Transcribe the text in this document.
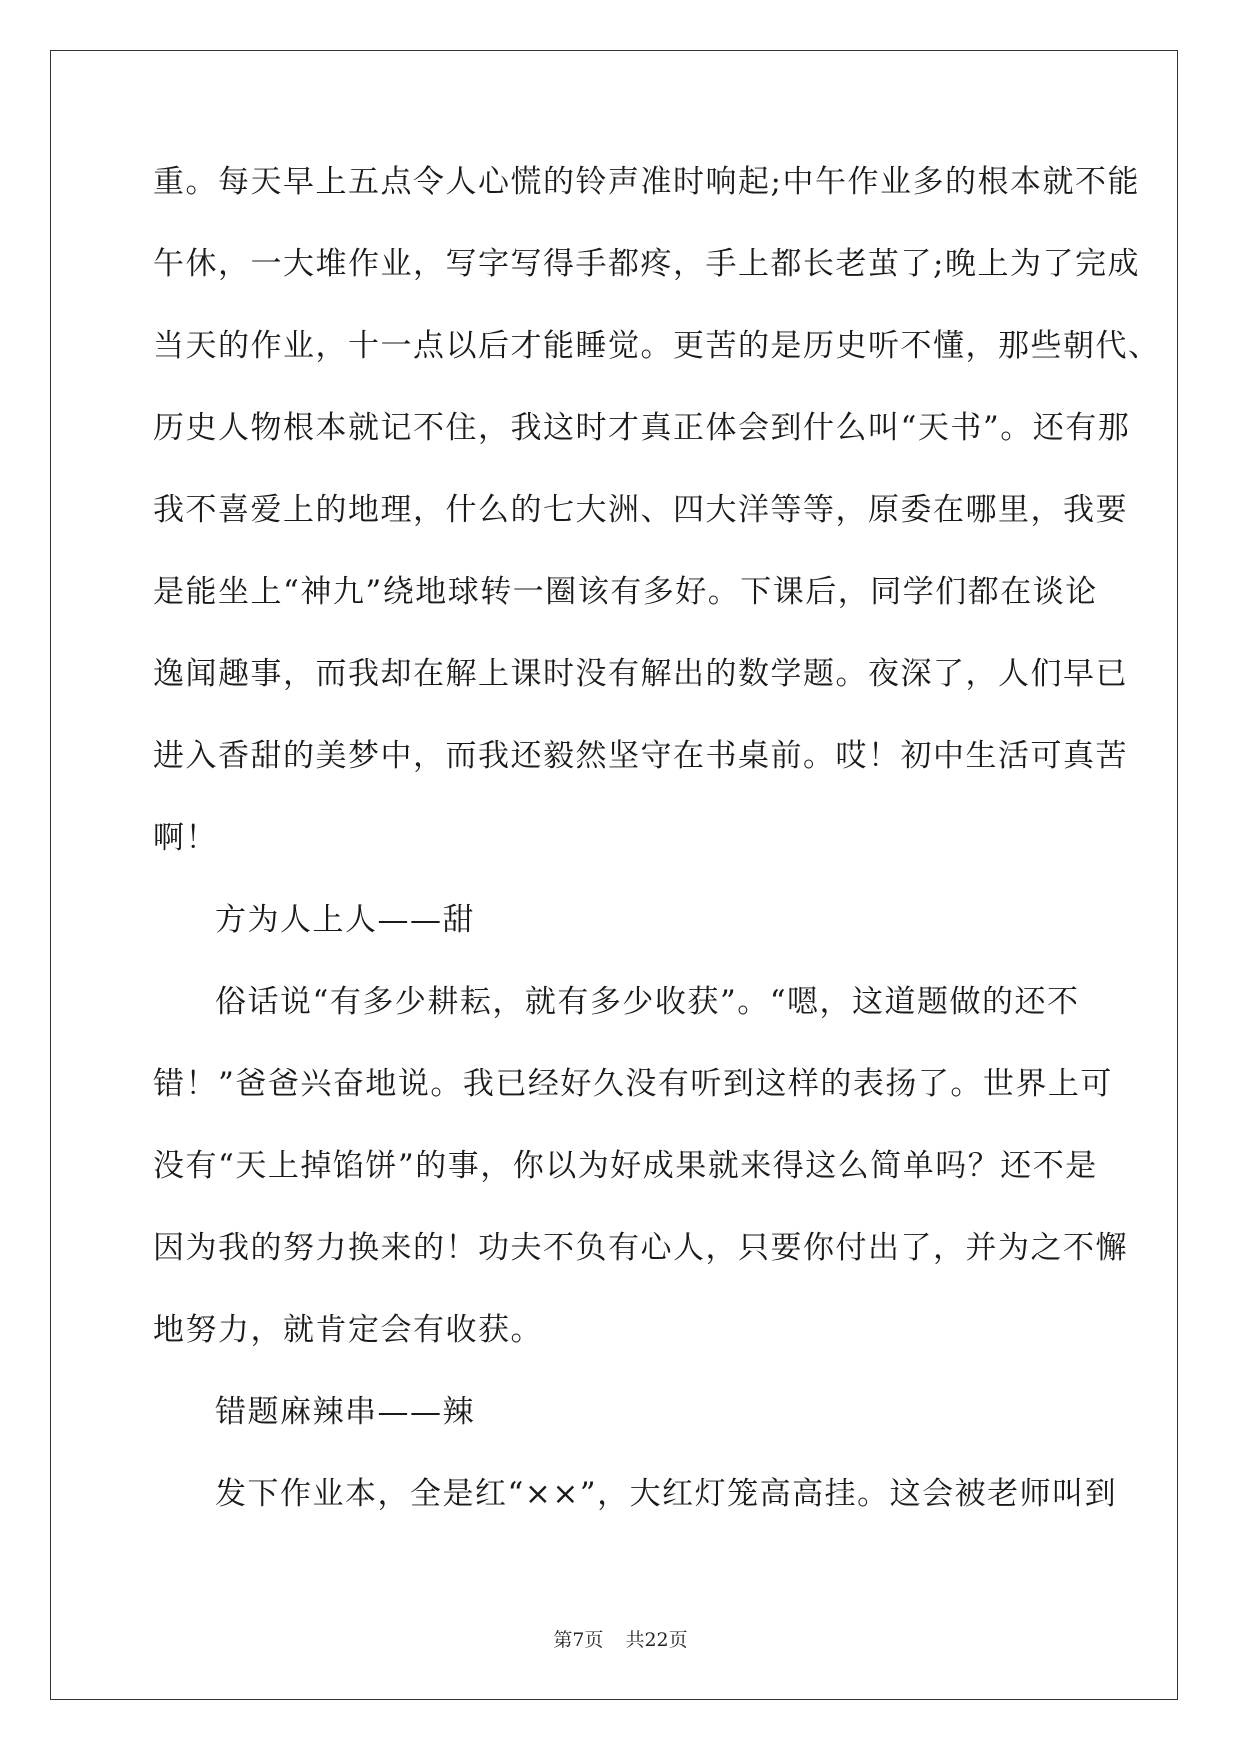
重。每天早上五点令人心慌的铃声准时响起;中午作业多的根本就不能
午休，一大堆作业，写字写得手都疼，手上都长老茧了;晚上为了完成
当天的作业，十一点以后才能睡觉。更苦的是历史听不懂，那些朝代、
历史人物根本就记不住，我这时才真正体会到什么叫“天书”。还有那
我不喜爱上的地理，什么的七大洲、四大洋等等，原委在哪里，我要
是能坐上“神九”绕地球转一圈该有多好。下课后，同学们都在谈论
逸闻趣事，而我却在解上课时没有解出的数学题。夜深了，人们早已
进入香甜的美梦中，而我还毅然坚守在书桌前。哎！初中生活可真苦
啊！
方为人上人——甜
俗话说“有多少耕耘，就有多少收获”。“嗯，这道题做的还不
错！”爸爸兴奋地说。我已经好久没有听到这样的表扬了。世界上可
没有“天上掉馅饼”的事，你以为好成果就来得这么简单吗？还不是
因为我的努力换来的！功夫不负有心人，只要你付出了，并为之不懈
地努力，就肯定会有收获。
错题麻辣串——辣
发下作业本，全是红“××”，大红灯笼高高挂。这会被老师叫到
第7页 共22页
